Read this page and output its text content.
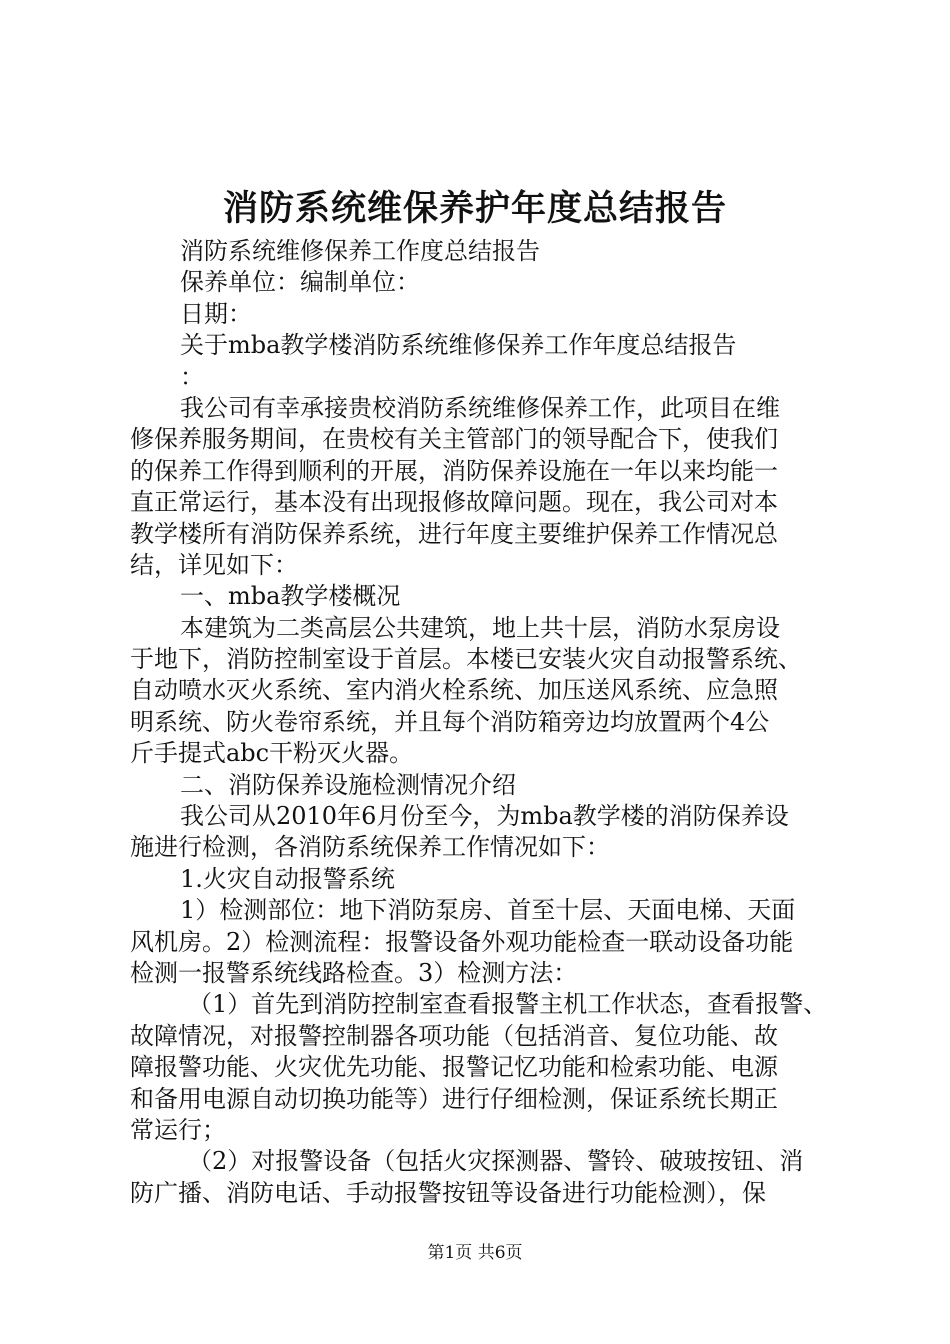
消防系统维保养护年度总结报告
消防系统维修保养工作度总结报告
保养单位：编制单位：
日期：
关于mba教学楼消防系统维修保养工作年度总结报告
：
我公司有幸承接贵校消防系统维修保养工作，此项目在维
修保养服务期间，在贵校有关主管部门的领导配合下，使我们
的保养工作得到顺利的开展，消防保养设施在一年以来均能一
直正常运行，基本没有出现报修故障问题。现在，我公司对本
教学楼所有消防保养系统，进行年度主要维护保养工作情况总
结，详见如下：
一、mba教学楼概况
本建筑为二类高层公共建筑，地上共十层，消防水泵房设
于地下，消防控制室设于首层。本楼已安装火灾自动报警系统、
自动喷水灭火系统、室内消火栓系统、加压送风系统、应急照
明系统、防火卷帘系统，并且每个消防箱旁边均放置两个4公
斤手提式abc干粉灭火器。
二、消防保养设施检测情况介绍
我公司从2010年6月份至今，为mba教学楼的消防保养设
施进行检测，各消防系统保养工作情况如下：
1.火灾自动报警系统
1）检测部位：地下消防泵房、首至十层、天面电梯、天面
风机房。2）检测流程：报警设备外观功能检查一联动设备功能
检测一报警系统线路检查。3）检测方法：
（1）首先到消防控制室查看报警主机工作状态，查看报警、
故障情况，对报警控制器各项功能（包括消音、复位功能、故
障报警功能、火灾优先功能、报警记忆功能和检索功能、电源
和备用电源自动切换功能等）进行仔细检测，保证系统长期正
常运行；
（2）对报警设备（包括火灾探测器、警铃、破玻按钮、消
防广播、消防电话、手动报警按钮等设备进行功能检测），保
第1页 共6页
